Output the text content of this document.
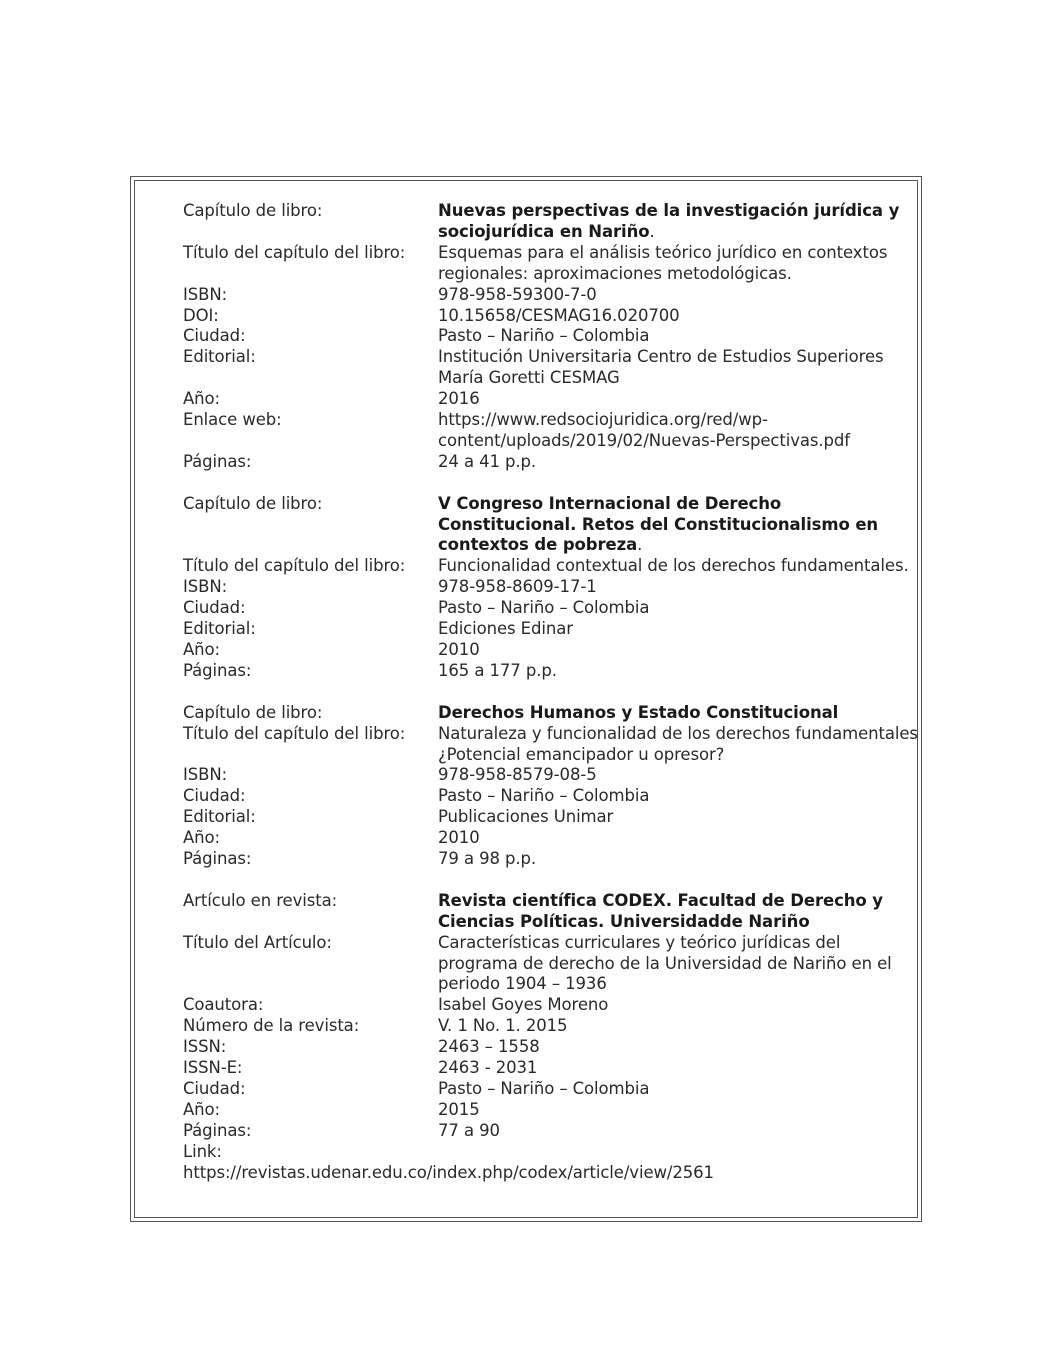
Capítulo de libro:	Nuevas perspectivas de la investigación jurídica y sociojurídica en Nariño.
Título del capítulo del libro:	Esquemas para el análisis teórico jurídico en contextos regionales: aproximaciones metodológicas.
ISBN:	978-958-59300-7-0
DOI:	10.15658/CESMAG16.020700
Ciudad:	Pasto – Nariño – Colombia
Editorial:	Institución Universitaria Centro de Estudios Superiores María Goretti CESMAG
Año:	2016
Enlace web:	https://www.redsociojuridica.org/red/wp-content/uploads/2019/02/Nuevas-Perspectivas.pdf
Páginas:	24 a 41 p.p.
Capítulo de libro:	V Congreso Internacional de Derecho Constitucional. Retos del Constitucionalismo en contextos de pobreza.
Título del capítulo del libro:	Funcionalidad contextual de los derechos fundamentales.
ISBN:	978-958-8609-17-1
Ciudad:	Pasto – Nariño – Colombia
Editorial:	Ediciones Edinar
Año:	2010
Páginas:	165 a 177 p.p.
Capítulo de libro:	Derechos Humanos y Estado Constitucional
Título del capítulo del libro:	Naturaleza y funcionalidad de los derechos fundamentales ¿Potencial emancipador u opresor?
ISBN:	978-958-8579-08-5
Ciudad:	Pasto – Nariño – Colombia
Editorial:	Publicaciones Unimar
Año:	2010
Páginas:	79 a 98 p.p.
Artículo en revista:	Revista científica CODEX. Facultad de Derecho y Ciencias Políticas. Universidadde Nariño
Título del Artículo:	Características curriculares y teórico jurídicas del programa de derecho de la Universidad de Nariño en el periodo 1904 – 1936
Coautora:	Isabel Goyes Moreno
Número de la revista:	V. 1 No. 1. 2015
ISSN:	2463 – 1558
ISSN-E:	2463 - 2031
Ciudad:	Pasto – Nariño – Colombia
Año:	2015
Páginas:	77 a 90
Link:
https://revistas.udenar.edu.co/index.php/codex/article/view/2561
